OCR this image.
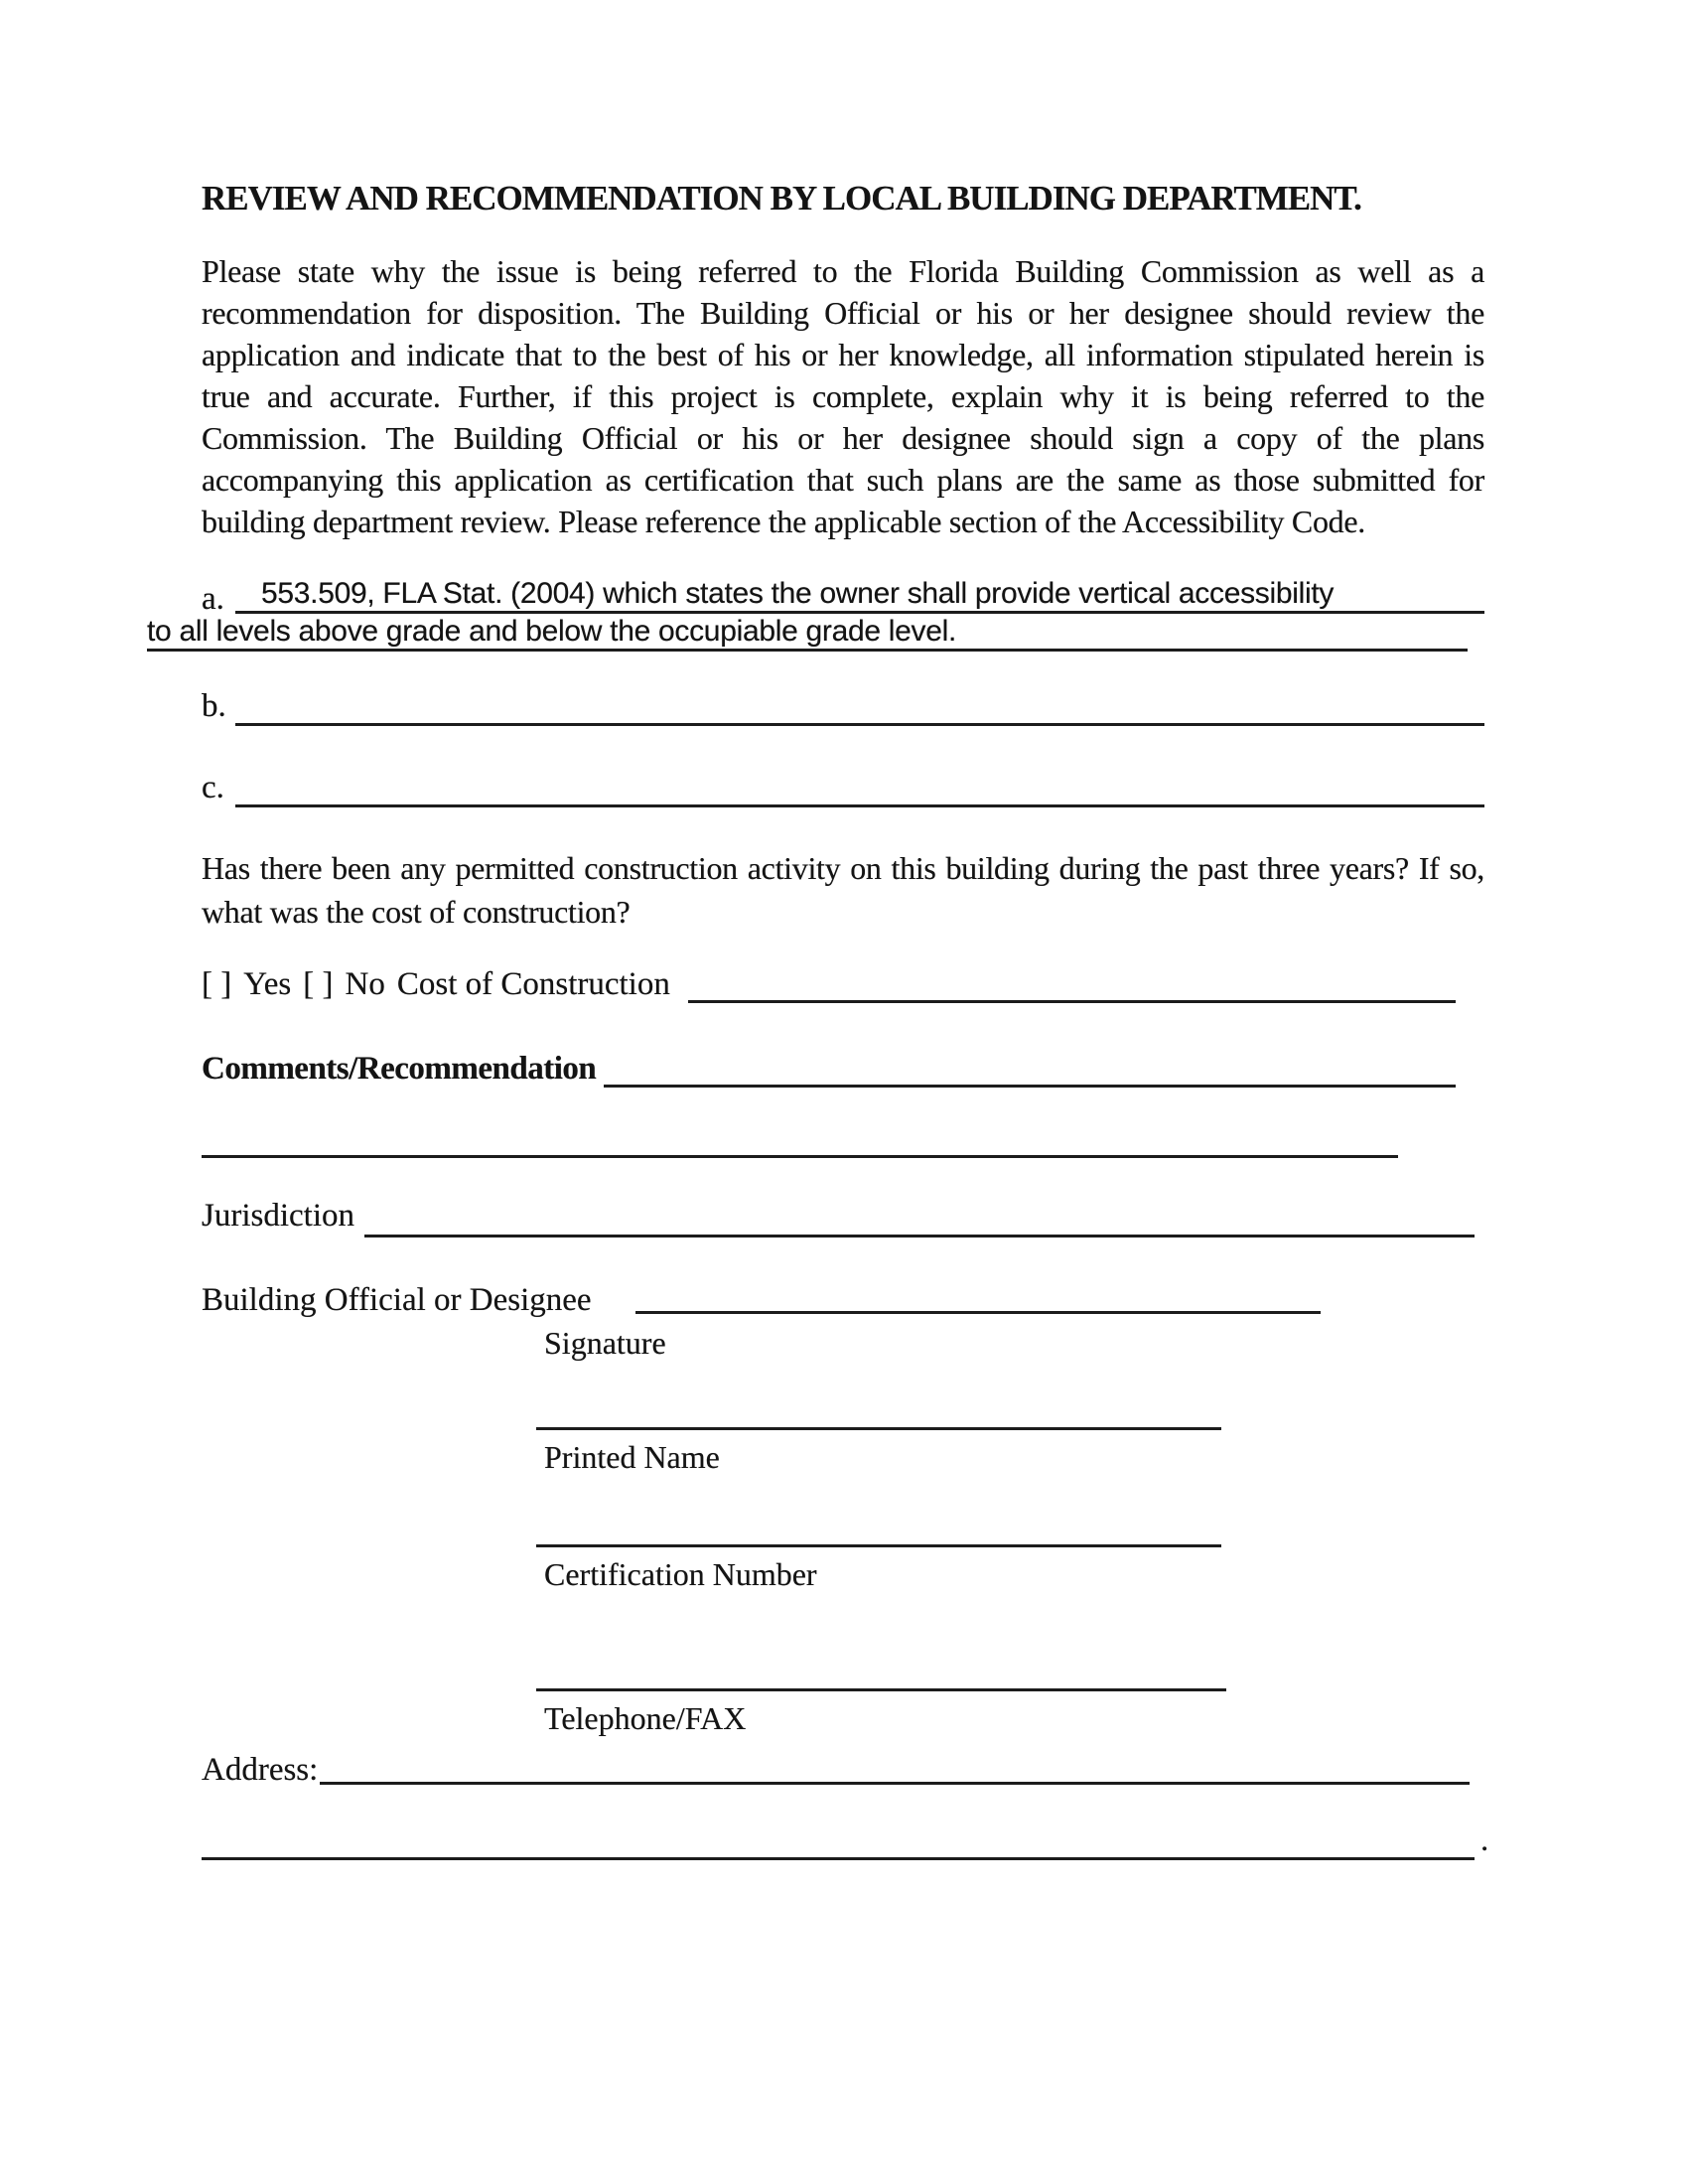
REVIEW AND RECOMMENDATION BY LOCAL BUILDING DEPARTMENT.
Please state why the issue is being referred to the Florida Building Commission as well as a recommendation for disposition. The Building Official or his or her designee should review the application and indicate that to the best of his or her knowledge, all information stipulated herein is true and accurate. Further, if this project is complete, explain why it is being referred to the Commission. The Building Official or his or her designee should sign a copy of the plans accompanying this application as certification that such plans are the same as those submitted for building department review. Please reference the applicable section of the Accessibility Code.
a.	553.509, FLA Stat. (2004) which states the owner shall provide vertical accessibility
to all levels above grade and below the occupiable grade level.
b.
c.
Has there been any permitted construction activity on this building during the past three years? If so, what was the cost of construction?
[ ] Yes [ ] No Cost of Construction
Comments/Recommendation
Jurisdiction
Building Official or Designee
Signature
Printed Name
Certification Number
Telephone/FAX
Address:
.
